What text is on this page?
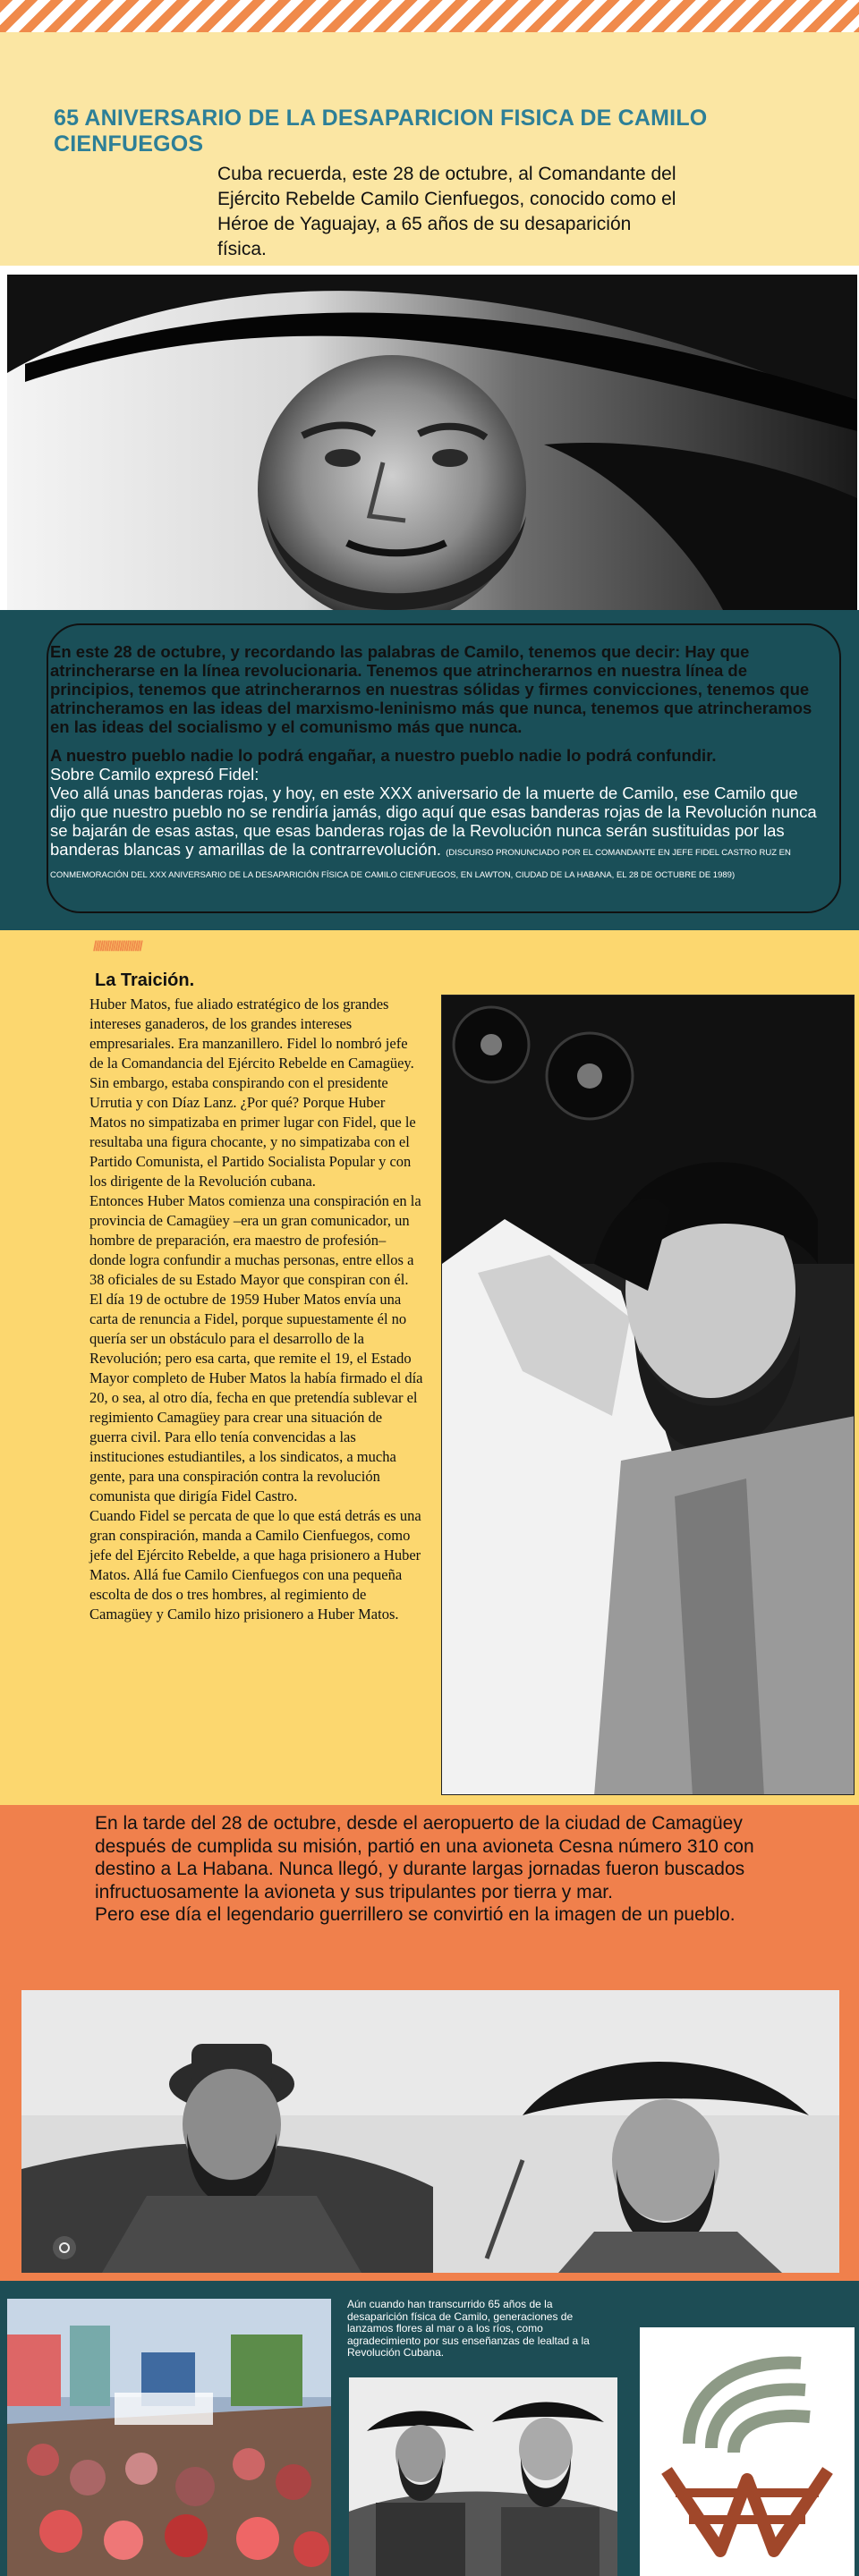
65 ANIVERSARIO DE LA DESAPARICION FISICA DE CAMILO CIENFUEGOS

Cuba recuerda, este 28 de octubre, al Comandante del Ejército Rebelde Camilo Cienfuegos, conocido como el Héroe de Yaguajay, a 65 años de su desaparición física.

En este 28 de octubre, y recordando las palabras de Camilo, tenemos que decir: Hay que atrincherarse en la línea revolucionaria. Tenemos que atrincherarnos en nuestra línea de principios, tenemos que atrincherarnos en nuestras sólidas y firmes convicciones, tenemos que atrincheramos en las ideas del marxismo-leninismo más que nunca, tenemos que atrincheramos en las ideas del socialismo y el comunismo más que nunca.

A nuestro pueblo nadie lo podrá engañar, a nuestro pueblo nadie lo podrá confundir.

Sobre Camilo expresó Fidel:
Veo allá unas banderas rojas, y hoy, en este XXX aniversario de la muerte de Camilo, ese Camilo que dijo que nuestro pueblo no se rendiría jamás, digo aquí que esas banderas rojas de la Revolución nunca se bajarán de esas astas, que esas banderas rojas de la Revolución nunca serán sustituidas por las banderas blancas y amarillas de la contrarrevolución. (DISCURSO PRONUNCIADO POR EL COMANDANTE EN JEFE FIDEL CASTRO RUZ EN CONMEMORACIÓN DEL XXX ANIVERSARIO DE LA DESAPARICIÓN FÍSICA DE CAMILO CIENFUEGOS, EN LAWTON, CIUDAD DE LA HABANA, EL 28 DE OCTUBRE DE 1989)
//////////////////////
La Traición.

Huber Matos, fue aliado estratégico de los grandes intereses ganaderos, de los grandes intereses empresariales. Era manzanillero. Fidel lo nombró jefe de la Comandancia del Ejército Rebelde en Camagüey. Sin embargo, estaba conspirando con el presidente Urrutia y con Díaz Lanz. ¿Por qué? Porque Huber Matos no simpatizaba en primer lugar con Fidel, que le resultaba una figura chocante, y no simpatizaba con el Partido Comunista, el Partido Socialista Popular y con los dirigente de la Revolución cubana.

Entonces Huber Matos comienza una conspiración en la provincia de Camagüey –era un gran comunicador, un hombre de preparación, era maestro de profesión– donde logra confundir a muchas personas, entre ellos a 38 oficiales de su Estado Mayor que conspiran con él.

El día 19 de octubre de 1959 Huber Matos envía una carta de renuncia a Fidel, porque supuestamente él no quería ser un obstáculo para el desarrollo de la Revolución; pero esa carta, que remite el 19, el Estado Mayor completo de Huber Matos la había firmado el día 20, o sea, al otro día, fecha en que pretendía sublevar el regimiento Camagüey para crear una situación de guerra civil. Para ello tenía convencidas a las instituciones estudiantiles, a los sindicatos, a mucha gente, para una conspiración contra la revolución comunista que dirigía Fidel Castro.

Cuando Fidel se percata de que lo que está detrás es una gran conspiración, manda a Camilo Cienfuegos, como jefe del Ejército Rebelde, a que haga prisionero a Huber Matos. Allá fue Camilo Cienfuegos con una pequeña escolta de dos o tres hombres, al regimiento de Camagüey y Camilo hizo prisionero a Huber Matos.

En la tarde del 28 de octubre, desde el aeropuerto de la ciudad de Camagüey después de cumplida su misión, partió en una avioneta Cesna número 310 con destino a La Habana. Nunca llegó, y durante largas jornadas fueron buscados infructuosamente la avioneta y sus tripulantes por tierra y mar.
Pero ese día el legendario guerrillero se convirtió en la imagen de un pueblo.

Aún cuando han transcurrido 65 años de la desaparición física de Camilo, generaciones de lanzamos flores al mar o a los ríos, como agradecimiento por sus enseñanzas de lealtad a la Revolución Cubana.
